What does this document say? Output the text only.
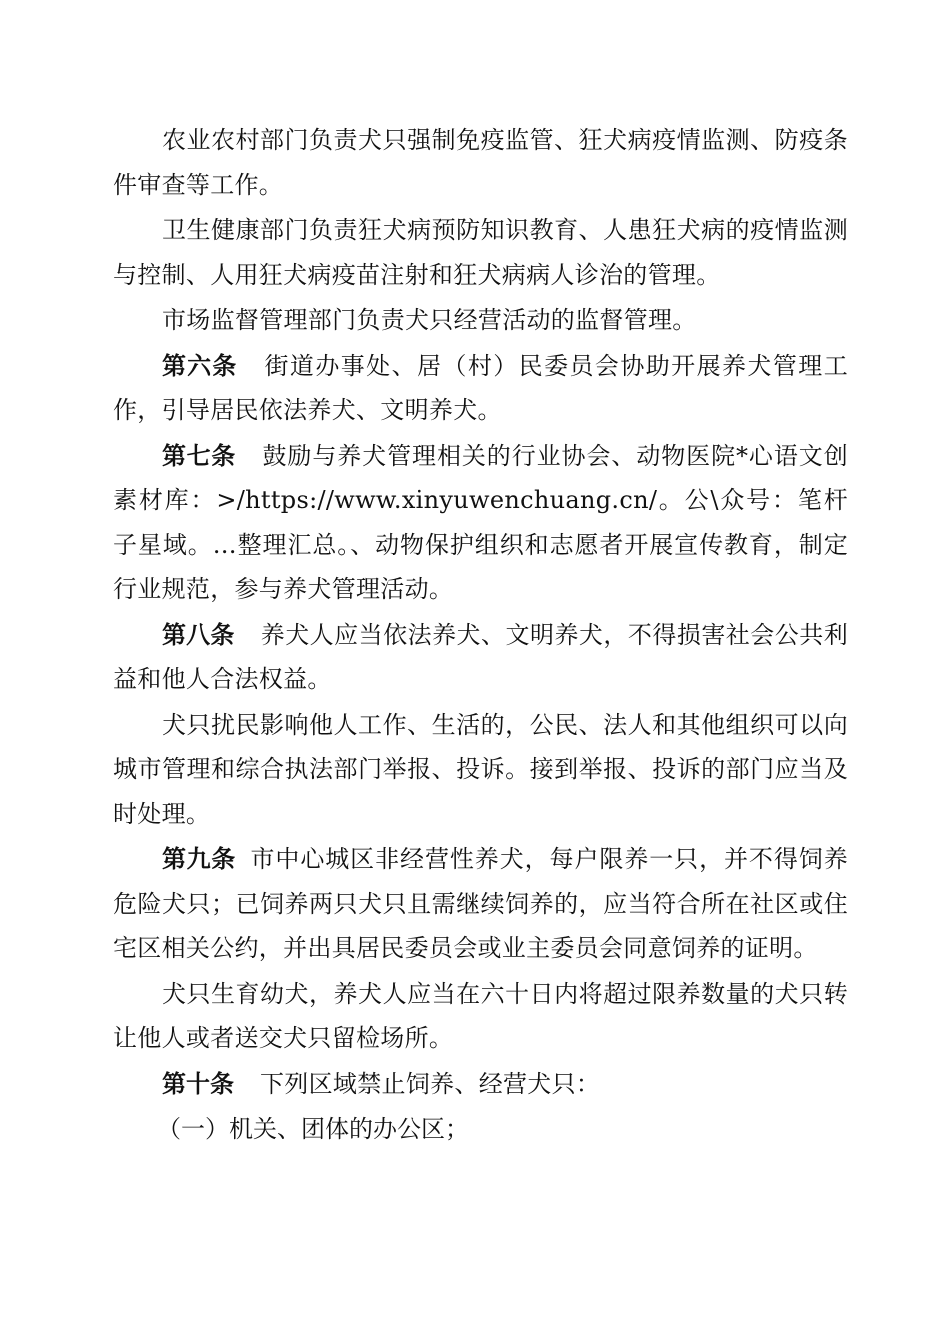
农业农村部门负责犬只强制免疫监管、狂犬病疫情监测、防疫条件审查等工作。

卫生健康部门负责狂犬病预防知识教育、人患狂犬病的疫情监测与控制、人用狂犬病疫苗注射和狂犬病病人诊治的管理。

市场监督管理部门负责犬只经营活动的监督管理。

第六条 街道办事处、居（村）民委员会协助开展养犬管理工作，引导居民依法养犬、文明养犬。

第七条 鼓励与养犬管理相关的行业协会、动物医院*心语文创素材库：>/https://www.xinyuwenchuang.cn/。公\众号：笔杆子星域。…整理汇总。、动物保护组织和志愿者开展宣传教育，制定行业规范，参与养犬管理活动。

第八条 养犬人应当依法养犬、文明养犬，不得损害社会公共利益和他人合法权益。

犬只扰民影响他人工作、生活的，公民、法人和其他组织可以向城市管理和综合执法部门举报、投诉。接到举报、投诉的部门应当及时处理。

第九条 市中心城区非经营性养犬，每户限养一只，并不得饲养危险犬只；已饲养两只犬只且需继续饲养的，应当符合所在社区或住宅区相关公约，并出具居民委员会或业主委员会同意饲养的证明。

犬只生育幼犬，养犬人应当在六十日内将超过限养数量的犬只转让他人或者送交犬只留检场所。

第十条 下列区域禁止饲养、经营犬只：

（一）机关、团体的办公区；
